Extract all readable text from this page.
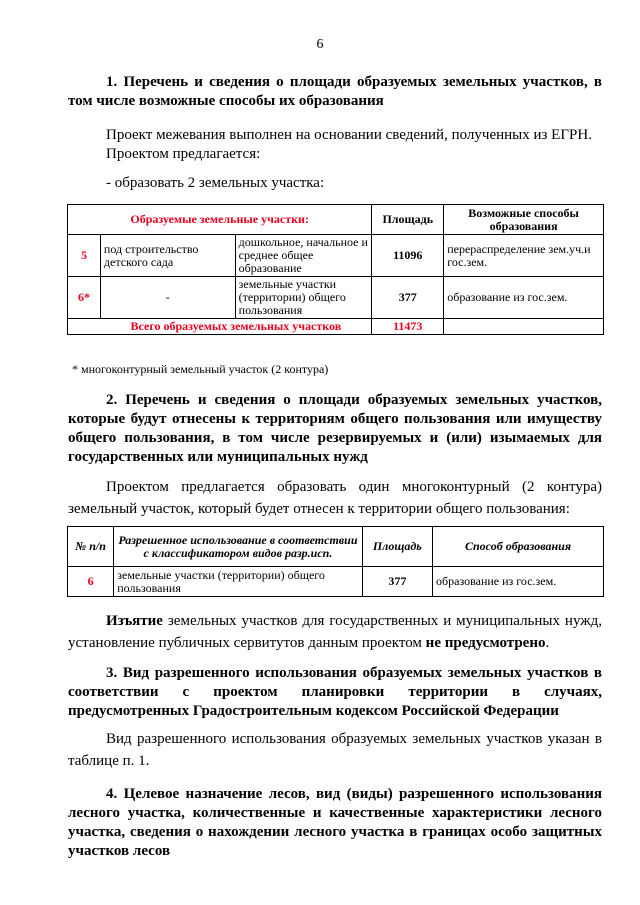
6
1. Перечень и сведения о площади образуемых земельных участков, в том числе возможные способы их образования
Проект межевания выполнен на основании сведений, полученных из ЕГРН.
Проектом предлагается:
- образовать 2 земельных участка:
Образуемые земельные участки:			Площадь	Возможные способы образования
5	под строительство детского сада	дошкольное, начальное и среднее общее образование	11096	перераспределение зем.уч.и гос.зем.
6*	-	земельные участки (территории) общего пользования	377	образование из гос.зем.
	Всего образуемых земельных участков		11473	
* многоконтурный земельный участок (2 контура)
2. Перечень и сведения о площади образуемых земельных участков, которые будут отнесены к территориям общего пользования или имуществу общего пользования, в том числе резервируемых и (или) изымаемых для государственных или муниципальных нужд
Проектом предлагается образовать один многоконтурный (2 контура) земельный участок, который будет отнесен к территории общего пользования:
№ п/п	Разрешенное использование в соответствии с классификатором видов разр.исп.	Площадь	Способ образования
6	земельные участки (территории) общего пользования	377	образование из гос.зем.
Изъятие земельных участков для государственных и муниципальных нужд, установление публичных сервитутов данным проектом не предусмотрено.
3. Вид разрешенного использования образуемых земельных участков в соответствии с проектом планировки территории в случаях, предусмотренных Градостроительным кодексом Российской Федерации
Вид разрешенного использования образуемых земельных участков указан в таблице п. 1.
4. Целевое назначение лесов, вид (виды) разрешенного использования лесного участка, количественные и качественные характеристики лесного участка, сведения о нахождении лесного участка в границах особо защитных участков лесов
